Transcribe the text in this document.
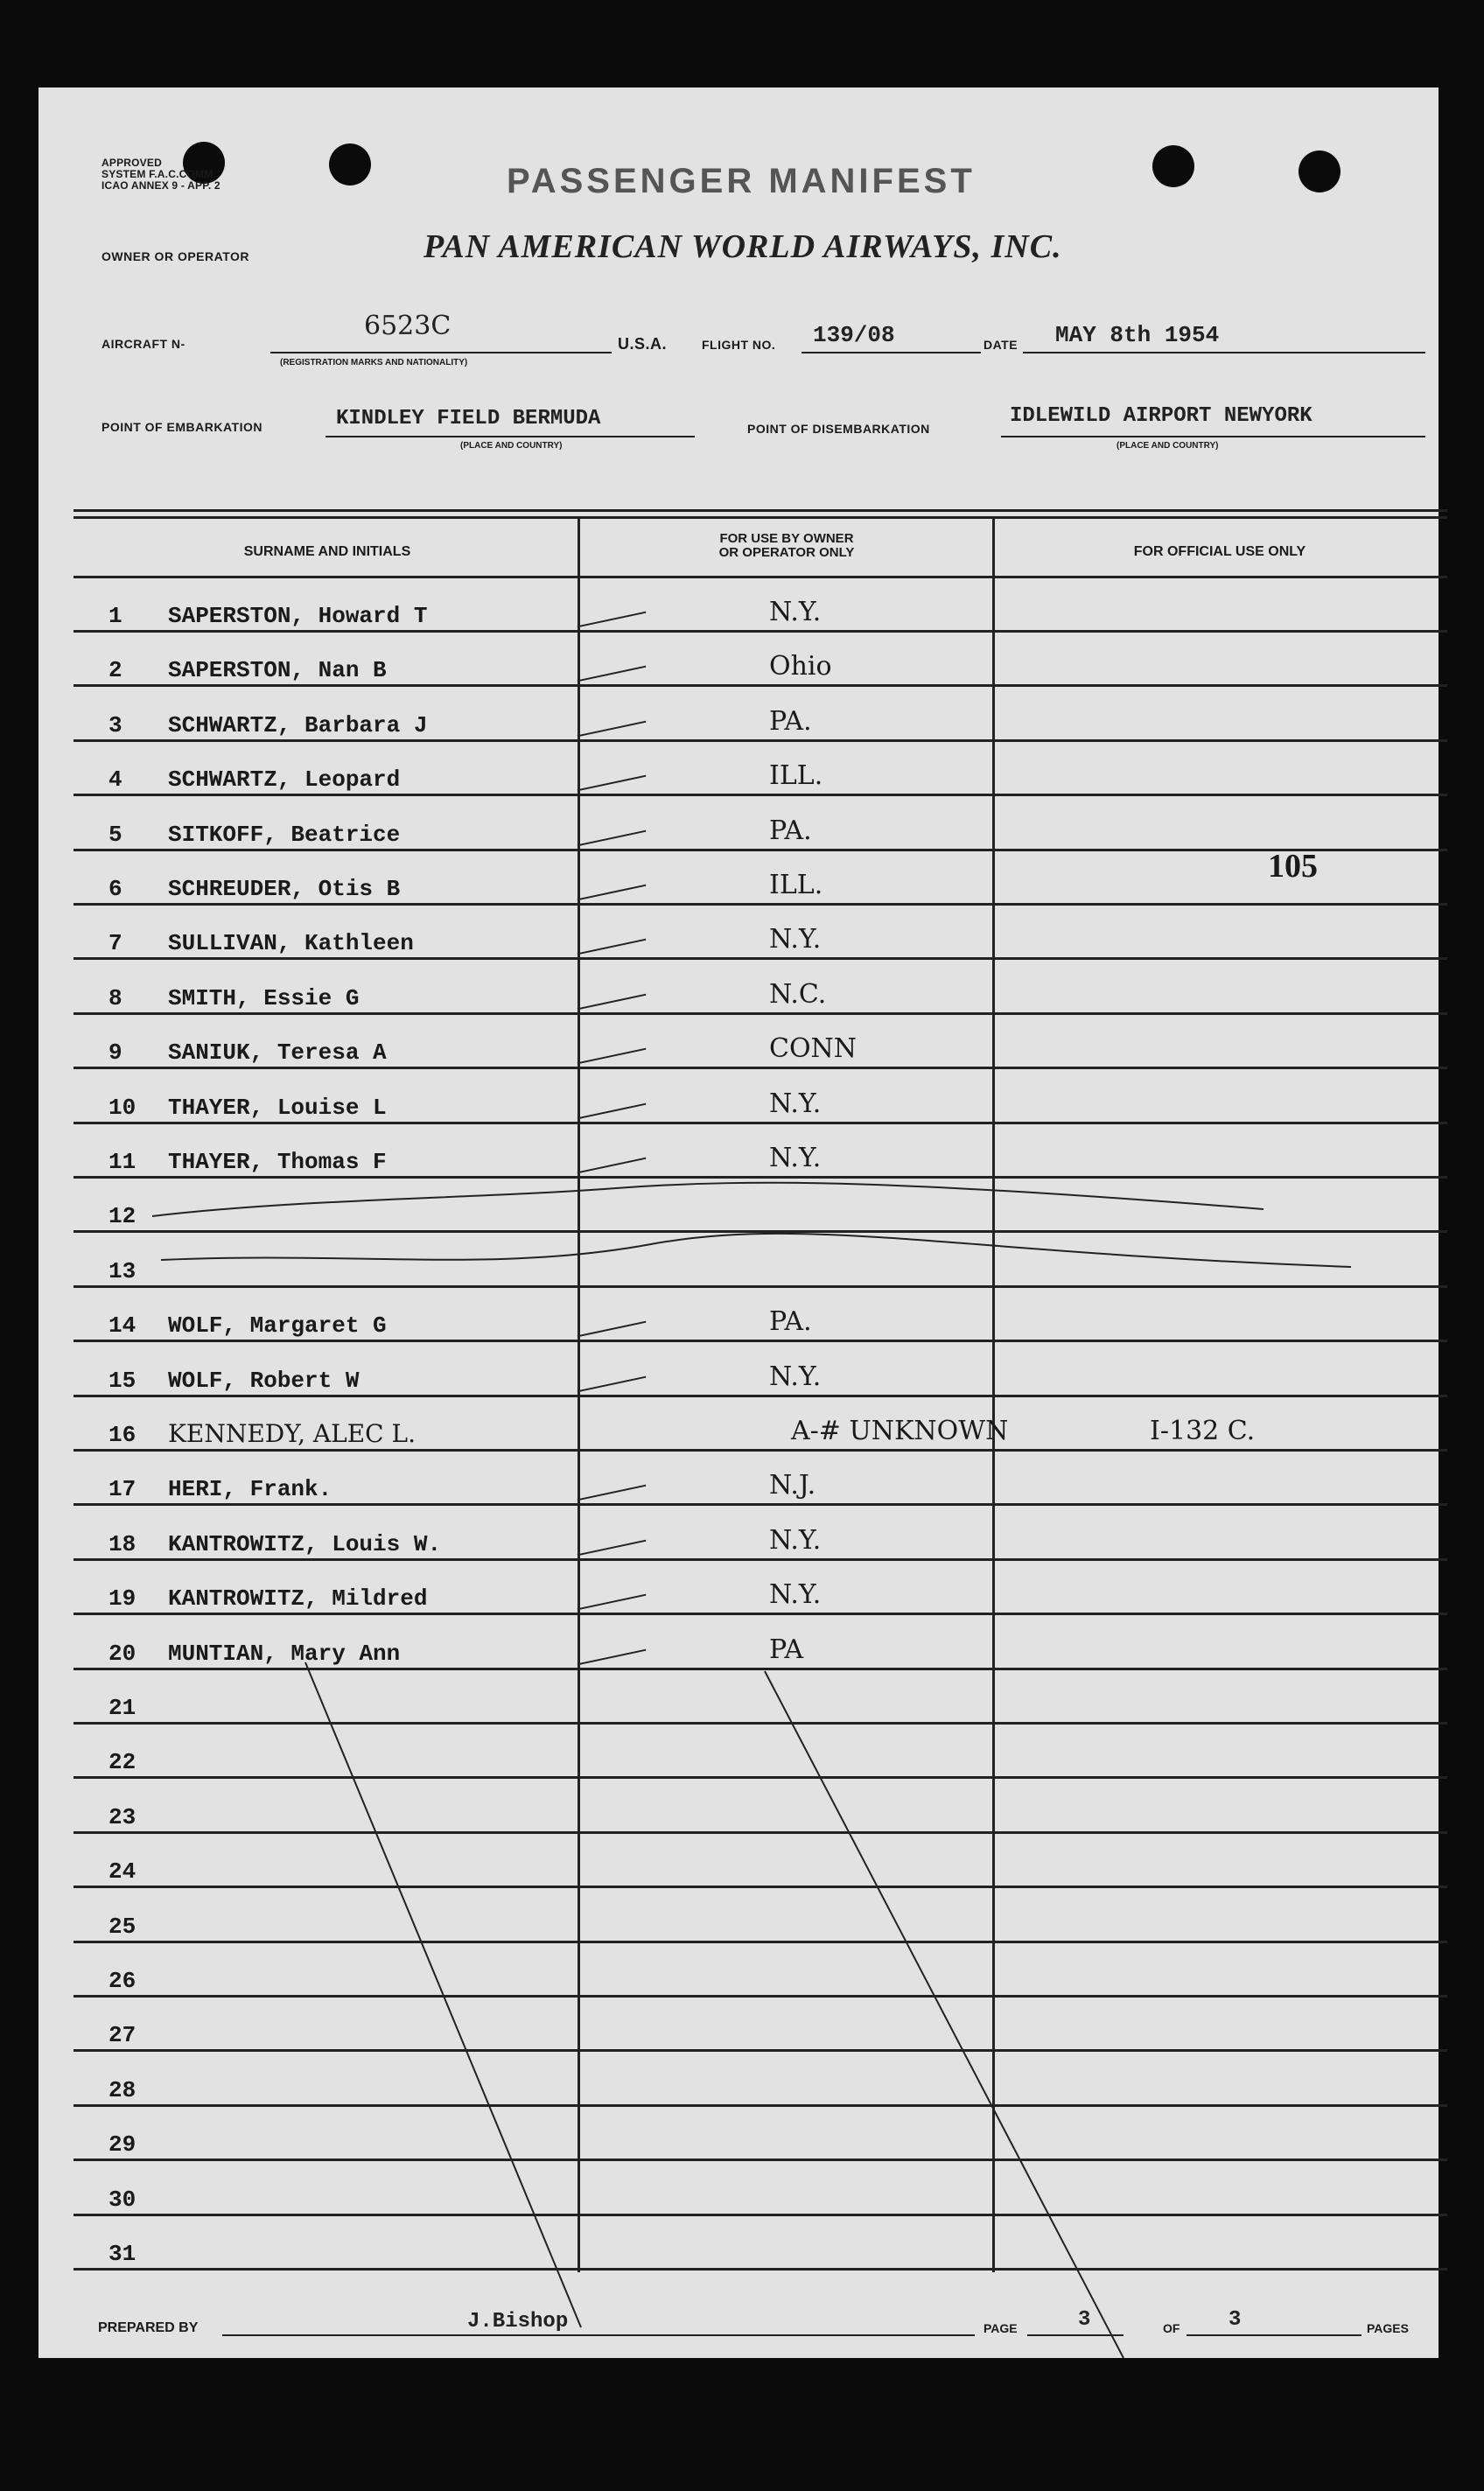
APPROVED
SYSTEM F.A.C.COMM.
ICAO ANNEX 9 - APP. 2	PASSENGER MANIFEST
OWNER OR OPERATOR	PAN AMERICAN WORLD AIRWAYS, INC.
AIRCRAFT N-
6523C
(REGISTRATION MARKS AND NATIONALITY)
U.S.A.	FLIGHT NO. 139/08	DATE MAY 8th 1954
POINT OF EMBARKATION	KINDLEY FIELD BERMUDA
(PLACE AND COUNTRY)
POINT OF DISEMBARKATION
IDLEWILD AIRPORT NEWYORK
(PLACE AND COUNTRY)
SURNAME AND INITIALS
FOR USE BY OWNER
OR OPERATOR ONLY	FOR OFFICIAL USE ONLY
1 SAPERSTON, Howard T	N.Y.
2 SAPERSTON, Nan B	Ohio
3 SCHWARTZ, Barbara J	PA.
4 SCHWARTZ, Leopard	ILL.
5 SITKOFF, Beatrice	PA.
6 SCHREUDER, Otis B	ILL.
7 SULLIVAN, Kathleen	N.Y.
8 SMITH, Essie G	N.C.
9 SANIUK, Teresa A	CONN
10 THAYER, Louise L	N.Y.
11 THAYER, Thomas F	N.Y.
12
13
14 WOLF, Margaret G	PA.
15 WOLF, Robert W	N.Y.
16 KENNEDY, ALEC L.	A-# UNKNOWN	I-132 C.
17 HERI, Frank.	N.J.
18 KANTROWITZ, Louis W.	N.Y.
19 KANTROWITZ, Mildred	N.Y.
20 MUNTIAN, Mary Ann	PA
21
22
23
24
25
26
27
28
29
30
31
105
PREPARED BY	J.Bishop	PAGE	3	OF 3	PAGES
